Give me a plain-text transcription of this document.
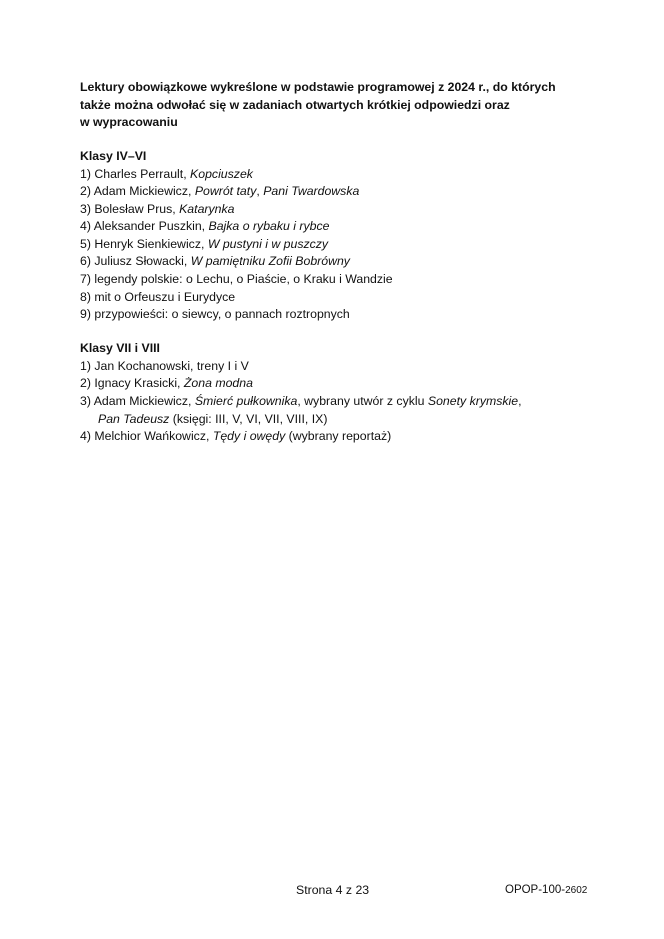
Lektury obowiązkowe wykreślone w podstawie programowej z 2024 r., do których
także można odwołać się w zadaniach otwartych krótkiej odpowiedzi oraz
w wypracowaniu

Klasy IV–VI

1) Charles Perrault, Kopciuszek
2) Adam Mickiewicz, Powrót taty, Pani Twardowska
3) Bolesław Prus, Katarynka
4) Aleksander Puszkin, Bajka o rybaku i rybce
5) Henryk Sienkiewicz, W pustyni i w puszczy
6) Juliusz Słowacki, W pamiętniku Zofii Bobrówny
7) legendy polskie: o Lechu, o Piaście, o Kraku i Wandzie
8) mit o Orfeuszu i Eurydyce
9) przypowieści: o siewcy, o pannach roztropnych

Klasy VII i VIII

1) Jan Kochanowski, treny I i V
2) Ignacy Krasicki, Żona modna
3) Adam Mickiewicz, Śmierć pułkownika, wybrany utwór z cyklu Sonety krymskie,
Pan Tadeusz (księgi: III, V, VI, VII, VIII, IX)
4) Melchior Wańkowicz, Tędy i owędy (wybrany reportaż)
Strona 4 z 23	OPOP-100-2602
